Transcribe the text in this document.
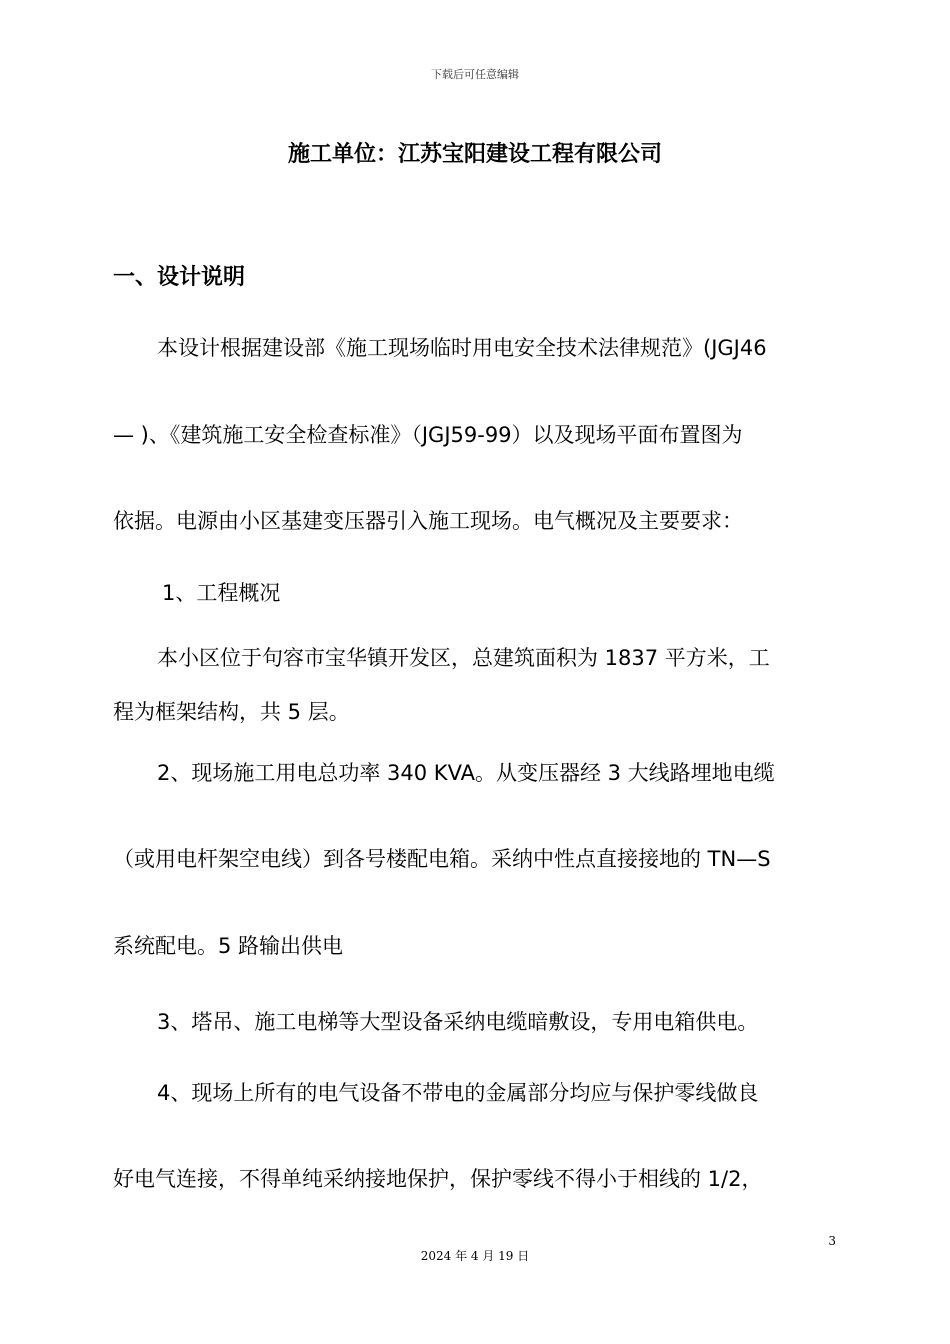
下载后可任意编辑
施工单位：江苏宝阳建设工程有限公司
一、设计说明
本设计根据建设部《施工现场临时用电安全技术法律规范》(JGJ46
— )、《建筑施工安全检查标准》（JGJ59-99）以及现场平面布置图为
依据。电源由小区基建变压器引入施工现场。电气概况及主要要求：
1、工程概况
本小区位于句容市宝华镇开发区，总建筑面积为 1837 平方米，工
程为框架结构，共 5 层。
2、现场施工用电总功率 340 KVA。从变压器经 3 大线路埋地电缆
（或用电杆架空电线）到各号楼配电箱。采纳中性点直接接地的 TN—S
系统配电。5 路输出供电
3、塔吊、施工电梯等大型设备采纳电缆暗敷设，专用电箱供电。
4、现场上所有的电气设备不带电的金属部分均应与保护零线做良
好电气连接，不得单纯采纳接地保护，保护零线不得小于相线的 1/2，
3
2024 年 4 月 19 日
